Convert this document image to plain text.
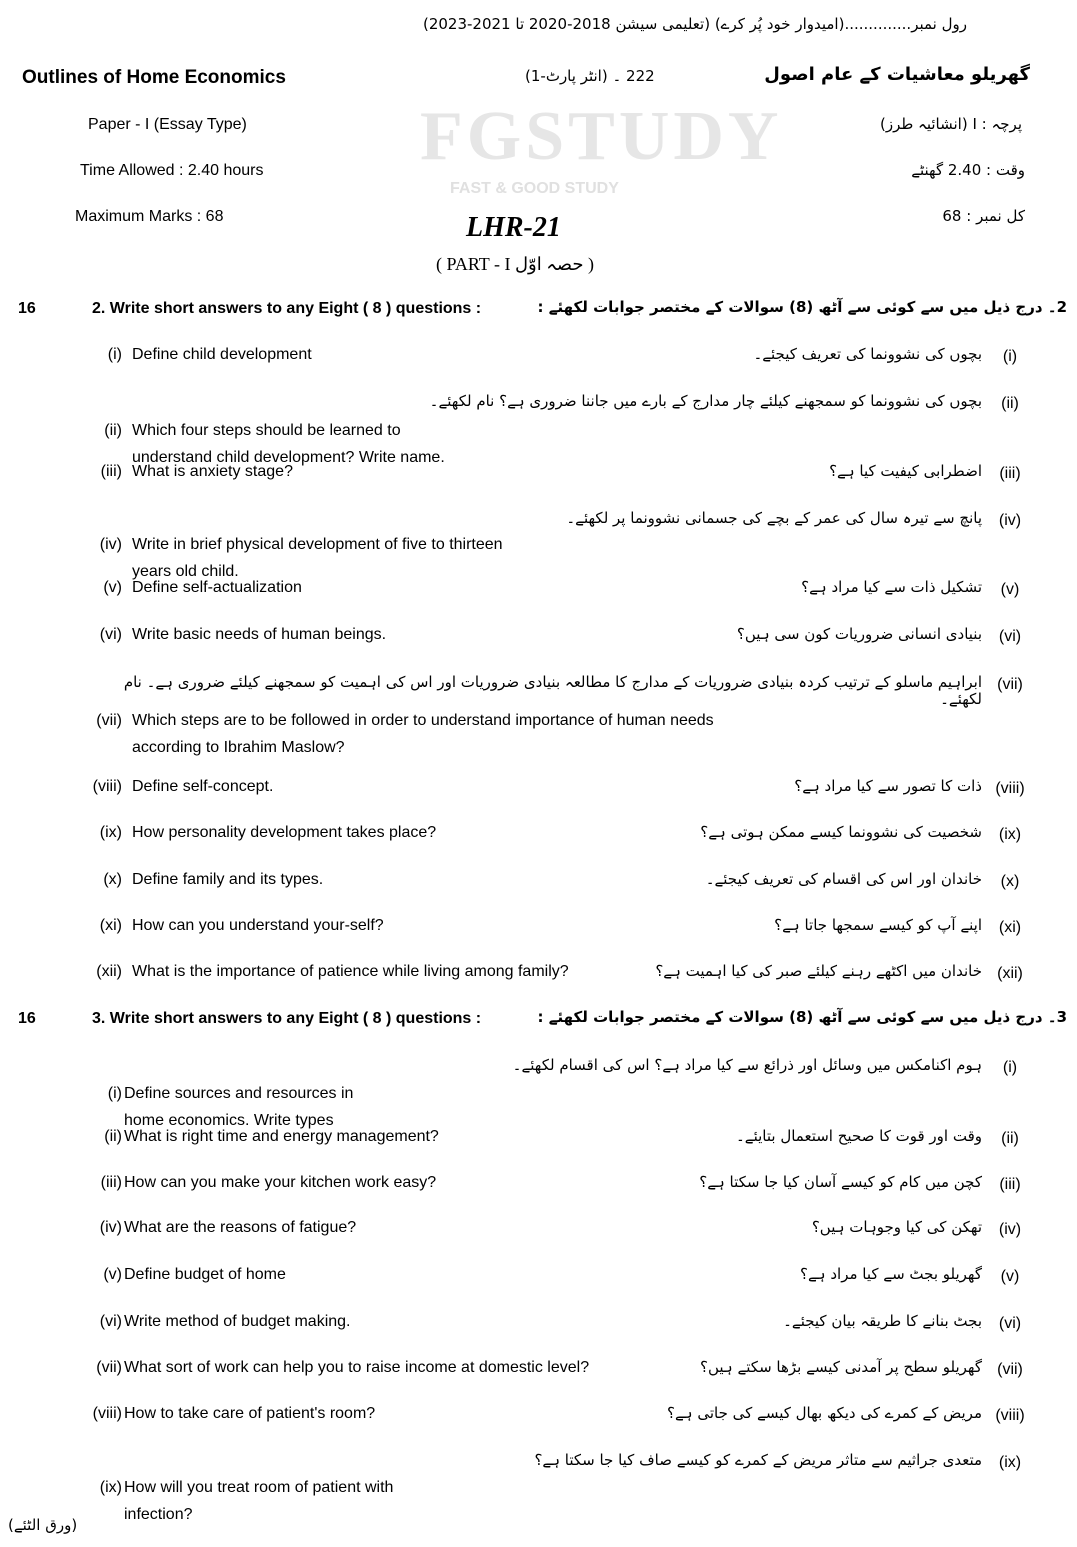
FGSTUDY
FAST & GOOD STUDY
رول نمبر..............(امیدوار خود پُر کرے) (تعلیمی سیشن 2018-2020 تا 2021-2023)
Outlines of Home Economics	222 ۔ (انٹر پارٹ-1)	گھریلو معاشیات کے عام اصول
Paper - I (Essay Type)	پرچہ : I (انشائیہ طرز)
Time Allowed : 2.40 hours	وقت : 2.40 گھنٹے
Maximum Marks : 68	کل نمبر : 68
LHR-21
( PART - I حصہ اوّل )
16	2. Write short answers to any Eight ( 8 ) questions :	2۔ درج ذیل میں سے کوئی سے آٹھ (8) سوالات کے مختصر جوابات لکھئے :
(i) Define child development	(i)
بچوں کی نشوونما کی تعریف کیجئے۔
(ii) Which four steps should be learned to
understand child development? Write name.
(ii)
بچوں کی نشوونما کو سمجھنے کیلئے چار مدارج کے بارے میں جاننا ضروری ہے؟ نام لکھئے۔
(iii) What is anxiety stage?	(iii)
اضطرابی کیفیت کیا ہے؟
(iv) Write in brief physical development of five to thirteen
years old child.
(iv)
پانچ سے تیرہ سال کی عمر کے بچے کی جسمانی نشوونما پر لکھئے۔
(v) Define self-actualization	(v)
تشکیل ذات سے کیا مراد ہے؟
(vi) Write basic needs of human beings.	(vi)
بنیادی انسانی ضروریات کون سی ہیں؟
(vii) Which steps are to be followed in order to understand importance of human needs
according to Ibrahim Maslow?
(vii)
ابراہیم ماسلو کے ترتیب کردہ بنیادی ضروریات کے مدارج کا مطالعہ بنیادی ضروریات اور اس کی اہمیت کو سمجھنے کیلئے ضروری ہے۔ نام لکھئے۔
(viii) Define self-concept.	(viii)
ذات کا تصور سے کیا مراد ہے؟
(ix) How personality development takes place?	(ix)
شخصیت کی نشوونما کیسے ممکن ہوتی ہے؟
(x) Define family and its types.	(x)
خاندان اور اس کی اقسام کی تعریف کیجئے۔
(xi) How can you understand your-self?	(xi)
اپنے آپ کو کیسے سمجھا جاتا ہے؟
(xii) What is the importance of patience while living among family?	(xii)
خاندان میں اکٹھے رہنے کیلئے صبر کی کیا اہمیت ہے؟
16	3. Write short answers to any Eight ( 8 ) questions :	3۔ درج ذیل میں سے کوئی سے آٹھ (8) سوالات کے مختصر جوابات لکھئے :
(i) Define sources and resources in
home economics. Write types
(i)
ہوم اکنامکس میں وسائل اور ذرائع سے کیا مراد ہے؟ اس کی اقسام لکھئے۔
(ii) What is right time and energy management?	(ii)
وقت اور قوت کا صحیح استعمال بتایئے۔
(iii) How can you make your kitchen work easy?	(iii)
کچن میں کام کو کیسے آسان کیا جا سکتا ہے؟
(iv) What are the reasons of fatigue?	(iv)
تھکن کی کیا وجوہات ہیں؟
(v) Define budget of home	(v)
گھریلو بجٹ سے کیا مراد ہے؟
(vi) Write method of budget making.	(vi)
بجٹ بنانے کا طریقہ بیان کیجئے۔
(vii) What sort of work can help you to raise income at domestic level?	(vii)
گھریلو سطح پر آمدنی کیسے بڑھا سکتے ہیں؟
(viii) How to take care of patient's room?	(viii)
مریض کے کمرے کی دیکھ بھال کیسے کی جاتی ہے؟
(ix) How will you treat room of patient with
infection?
(ix)
متعدی جراثیم سے متاثر مریض کے کمرے کو کیسے صاف کیا جا سکتا ہے؟
(ورق الٹئے)
